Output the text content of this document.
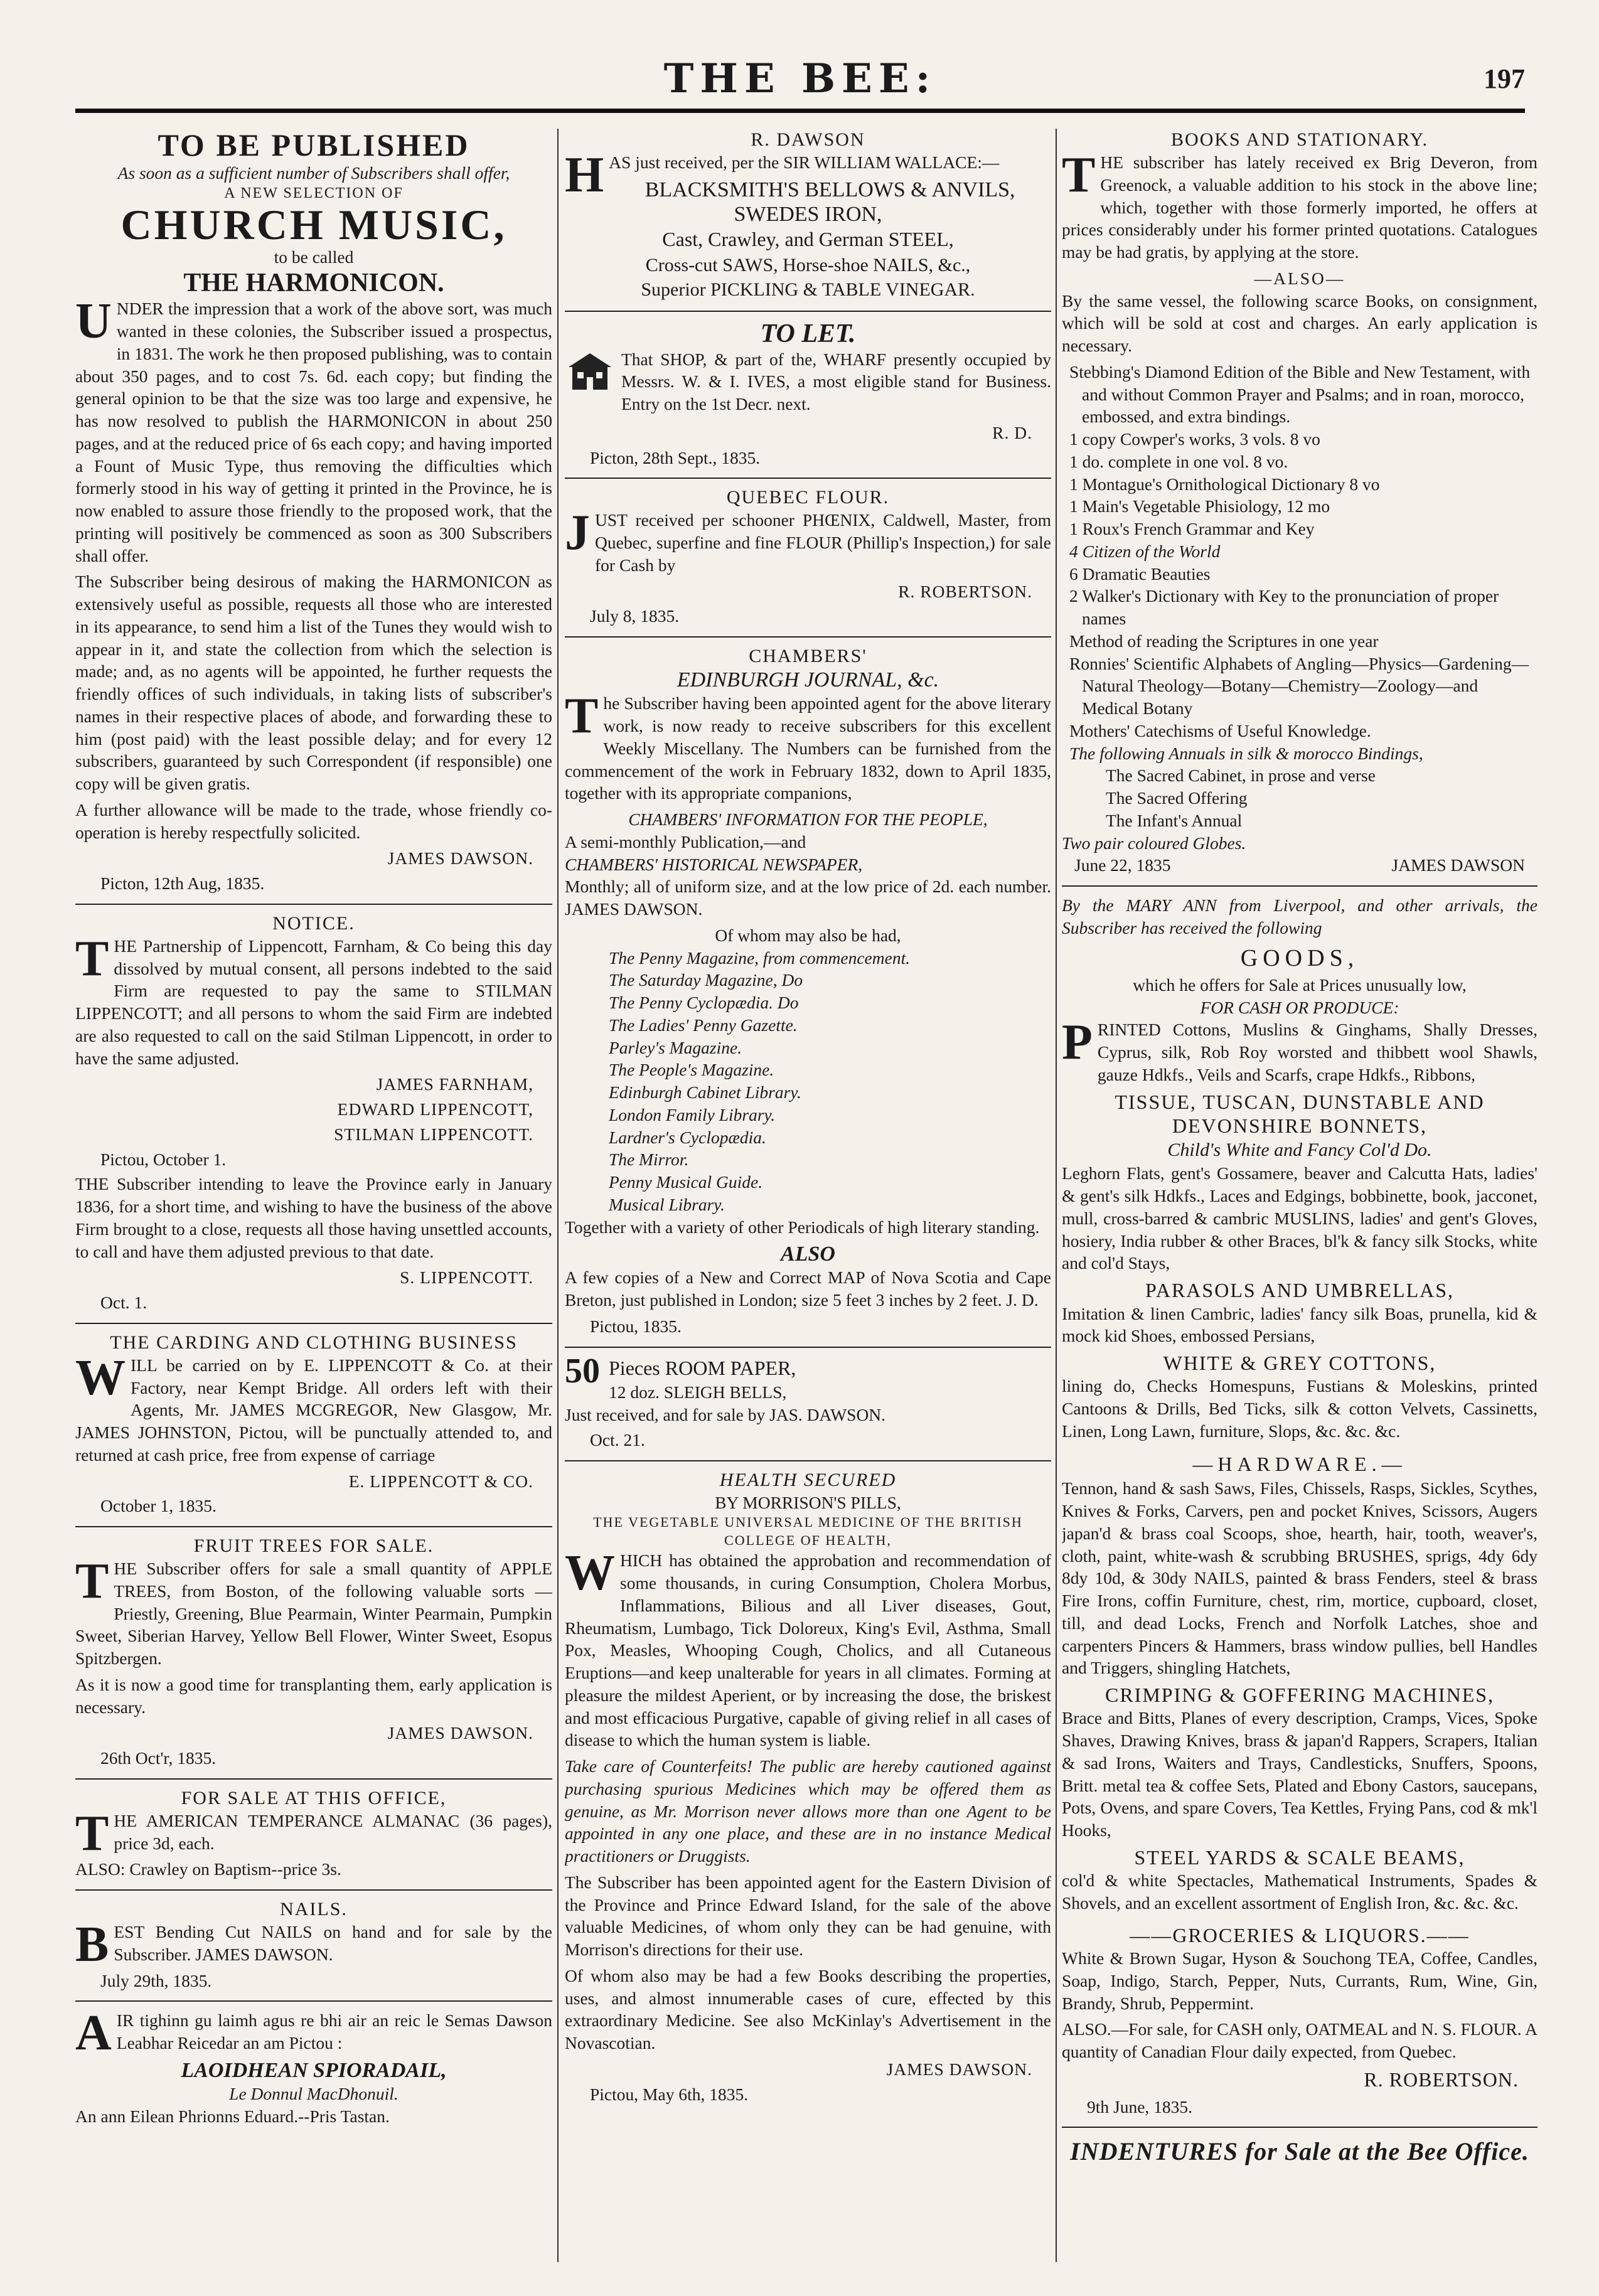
THE BEE:	197
TO BE PUBLISHED
As soon as a sufficient number of Subscribers shall offer,
A NEW SELECTION OF
CHURCH MUSIC,
to be called
THE HARMONICON.

UNDER the impression that a work of the above sort, was much wanted in these colonies, the Subscriber issued a prospectus, in 1831. The work he then proposed publishing, was to contain about 350 pages, and to cost 7s. 6d. each copy; but finding the general opinion to be that the size was too large and expensive, he has now resolved to publish the HARMONICON in about 250 pages, and at the reduced price of 6s each copy; and having imported a Fount of Music Type, thus removing the difficulties which formerly stood in his way of getting it printed in the Province, he is now enabled to assure those friendly to the proposed work, that the printing will positively be commenced as soon as 300 Subscribers shall offer.

The Subscriber being desirous of making the HARMONICON as extensively useful as possible, requests all those who are interested in its appearance, to send him a list of the Tunes they would wish to appear in it, and state the collection from which the selection is made; and, as no agents will be appointed, he further requests the friendly offices of such individuals, in taking lists of subscriber's names in their respective places of abode, and forwarding these to him (post paid) with the least possible delay; and for every 12 subscribers, guaranteed by such Correspondent (if responsible) one copy will be given gratis.

A further allowance will be made to the trade, whose friendly co-operation is hereby respectfully solicited.

JAMES DAWSON.
Picton, 12th Aug, 1835.
NOTICE.

THE Partnership of Lippencott, Farnham, & Co being this day dissolved by mutual consent, all persons indebted to the said Firm are requested to pay the same to STILMAN LIPPENCOTT; and all persons to whom the said Firm are indebted are also requested to call on the said Stilman Lippencott, in order to have the same adjusted.

JAMES FARNHAM,
EDWARD LIPPENCOTT,
STILMAN LIPPENCOTT.
Pictou, October 1.

THE Subscriber intending to leave the Province early in January 1836, for a short time, and wishing to have the business of the above Firm brought to a close, requests all those having unsettled accounts, to call and have them adjusted previous to that date.

S. LIPPENCOTT.
Oct. 1.
THE CARDING AND CLOTHING BUSINESS

WILL be carried on by E. LIPPENCOTT & Co. at their Factory, near Kempt Bridge. All orders left with their Agents, Mr. JAMES MCGREGOR, New Glasgow, Mr. JAMES JOHNSTON, Pictou, will be punctually attended to, and returned at cash price, free from expense of carriage

E. LIPPENCOTT & CO.
October 1, 1835.
FRUIT TREES FOR SALE.

THE Subscriber offers for sale a small quantity of APPLE TREES, from Boston, of the following valuable sorts — Priestly, Greening, Blue Pearmain, Winter Pearmain, Pumpkin Sweet, Siberian Harvey, Yellow Bell Flower, Winter Sweet, Esopus Spitzbergen.

As it is now a good time for transplanting them, early application is necessary.

JAMES DAWSON.
26th Oct'r, 1835.
FOR SALE AT THIS OFFICE,

THE AMERICAN TEMPERANCE ALMANAC (36 pages), price 3d, each.

ALSO: Crawley on Baptism--price 3s.

NAILS.

BEST Bending Cut NAILS on hand and for sale by the Subscriber. JAMES DAWSON.

July 29th, 1835.

AIR tighinn gu laimh agus re bhi air an reic le Semas Dawson Leabhar Reicedar an am Pictou :

LAOIDHEAN SPIORADAIL,
Le Donnul MacDhonuil.
An ann Eilean Phrionns Eduard.--Pris Tastan.
R. DAWSON

HAS just received, per the SIR WILLIAM WALLACE:—

BLACKSMITH'S BELLOWS & ANVILS,
SWEDES IRON,
Cast, Crawley, and German STEEL,
Cross-cut SAWS, Horse-shoe NAILS, &c.,
Superior PICKLING & TABLE VINEGAR.
TO LET.

That SHOP, & part of the, WHARF presently occupied by Messrs. W. & I. IVES, a most eligible stand for Business. Entry on the 1st Decr. next.

R. D.
Picton, 28th Sept., 1835.
QUEBEC FLOUR.

JUST received per schooner PHŒNIX, Caldwell, Master, from Quebec, superfine and fine FLOUR (Phillip's Inspection,) for sale for Cash by

R. ROBERTSON.
July 8, 1835.
CHAMBERS'
EDINBURGH JOURNAL, &c.

The Subscriber having been appointed agent for the above literary work, is now ready to receive subscribers for this excellent Weekly Miscellany. The Numbers can be furnished from the commencement of the work in February 1832, down to April 1835, together with its appropriate companions,

CHAMBERS' INFORMATION FOR THE PEOPLE,
A semi-monthly Publication,—and
CHAMBERS' HISTORICAL NEWSPAPER,

Monthly; all of uniform size, and at the low price of 2d. each number. JAMES DAWSON.

Of whom may also be had,
The Penny Magazine, from commencement.
The Saturday Magazine, Do
The Penny Cyclopædia. Do
The Ladies' Penny Gazette.
Parley's Magazine.
The People's Magazine.
Edinburgh Cabinet Library.
London Family Library.
Lardner's Cyclopædia.
The Mirror.
Penny Musical Guide.
Musical Library.

Together with a variety of other Periodicals of high literary standing.

ALSO

A few copies of a New and Correct MAP of Nova Scotia and Cape Breton, just published in London; size 5 feet 3 inches by 2 feet. J. D.

Pictou, 1835.
50 Pieces ROOM PAPER,
12 doz. SLEIGH BELLS,
Just received, and for sale by JAS. DAWSON.
Oct. 21.
HEALTH SECURED
BY MORRISON'S PILLS,
THE VEGETABLE UNIVERSAL MEDICINE OF THE BRITISH COLLEGE OF HEALTH,

WHICH has obtained the approbation and recommendation of some thousands, in curing Consumption, Cholera Morbus, Inflammations, Bilious and all Liver diseases, Gout, Rheumatism, Lumbago, Tick Doloreux, King's Evil, Asthma, Small Pox, Measles, Whooping Cough, Cholics, and all Cutaneous Eruptions—and keep unalterable for years in all climates. Forming at pleasure the mildest Aperient, or by increasing the dose, the briskest and most efficacious Purgative, capable of giving relief in all cases of disease to which the human system is liable.

Take care of Counterfeits! The public are hereby cautioned against purchasing spurious Medicines which may be offered them as genuine, as Mr. Morrison never allows more than one Agent to be appointed in any one place, and these are in no instance Medical practitioners or Druggists.

The Subscriber has been appointed agent for the Eastern Division of the Province and Prince Edward Island, for the sale of the above valuable Medicines, of whom only they can be had genuine, with Morrison's directions for their use.

Of whom also may be had a few Books describing the properties, uses, and almost innumerable cases of cure, effected by this extraordinary Medicine. See also McKinlay's Advertisement in the Novascotian.

JAMES DAWSON.
Pictou, May 6th, 1835.
BOOKS AND STATIONARY.

THE subscriber has lately received ex Brig Deveron, from Greenock, a valuable addition to his stock in the above line; which, together with those formerly imported, he offers at prices considerably under his former printed quotations. Catalogues may be had gratis, by applying at the store.

—ALSO—

By the same vessel, the following scarce Books, on consignment, which will be sold at cost and charges. An early application is necessary.

Stebbing's Diamond Edition of the Bible and New Testament, with and without Common Prayer and Psalms; and in roan, morocco, embossed, and extra bindings.
1 copy Cowper's works, 3 vols. 8 vo
1 do. complete in one vol. 8 vo.
1 Montague's Ornithological Dictionary 8 vo
1 Main's Vegetable Phisiology, 12 mo
1 Roux's French Grammar and Key
4 Citizen of the World
6 Dramatic Beauties
2 Walker's Dictionary with Key to the pronunciation of proper names
Method of reading the Scriptures in one year
Ronnies' Scientific Alphabets of Angling—Physics—Gardening—Natural Theology—Botany—Chemistry—Zoology—and Medical Botany
Mothers' Catechisms of Useful Knowledge.
The following Annuals in silk & morocco Bindings,
The Sacred Cabinet, in prose and verse
The Sacred Offering
The Infant's Annual
Two pair coloured Globes.
June 22, 1835	JAMES DAWSON

By the MARY ANN from Liverpool, and other arrivals, the Subscriber has received the following

GOODS,
which he offers for Sale at Prices unusually low,
FOR CASH OR PRODUCE:

PRINTED Cottons, Muslins & Ginghams, Shally Dresses, Cyprus, silk, Rob Roy worsted and thibbett wool Shawls, gauze Hdkfs., Veils and Scarfs, crape Hdkfs., Ribbons,

TISSUE, TUSCAN, DUNSTABLE AND DEVONSHIRE BONNETS,
Child's White and Fancy Col'd Do.

Leghorn Flats, gent's Gossamere, beaver and Calcutta Hats, ladies' & gent's silk Hdkfs., Laces and Edgings, bobbinette, book, jacconet, mull, cross-barred & cambric MUSLINS, ladies' and gent's Gloves, hosiery, India rubber & other Braces, bl'k & fancy silk Stocks, white and col'd Stays,

PARASOLS AND UMBRELLAS,

Imitation & linen Cambric, ladies' fancy silk Boas, prunella, kid & mock kid Shoes, embossed Persians,

WHITE & GREY COTTONS,

lining do, Checks Homespuns, Fustians & Moleskins, printed Cantoons & Drills, Bed Ticks, silk & cotton Velvets, Cassinetts, Linen, Long Lawn, furniture, Slops, &c. &c. &c.

—HARDWARE.—

Tennon, hand & sash Saws, Files, Chissels, Rasps, Sickles, Scythes, Knives & Forks, Carvers, pen and pocket Knives, Scissors, Augers japan'd & brass coal Scoops, shoe, hearth, hair, tooth, weaver's, cloth, paint, white-wash & scrubbing BRUSHES, sprigs, 4dy 6dy 8dy 10d, & 30dy NAILS, painted & brass Fenders, steel & brass Fire Irons, coffin Furniture, chest, rim, mortice, cupboard, closet, till, and dead Locks, French and Norfolk Latches, shoe and carpenters Pincers & Hammers, brass window pullies, bell Handles and Triggers, shingling Hatchets,

CRIMPING & GOFFERING MACHINES,

Brace and Bitts, Planes of every description, Cramps, Vices, Spoke Shaves, Drawing Knives, brass & japan'd Rappers, Scrapers, Italian & sad Irons, Waiters and Trays, Candlesticks, Snuffers, Spoons, Britt. metal tea & coffee Sets, Plated and Ebony Castors, saucepans, Pots, Ovens, and spare Covers, Tea Kettles, Frying Pans, cod & mk'l Hooks,

STEEL YARDS & SCALE BEAMS,

col'd & white Spectacles, Mathematical Instruments, Spades & Shovels, and an excellent assortment of English Iron, &c. &c. &c.

——GROCERIES & LIQUORS.——

White & Brown Sugar, Hyson & Souchong TEA, Coffee, Candles, Soap, Indigo, Starch, Pepper, Nuts, Currants, Rum, Wine, Gin, Brandy, Shrub, Peppermint.

ALSO.—For sale, for CASH only, OATMEAL and N. S. FLOUR. A quantity of Canadian Flour daily expected, from Quebec.

R. ROBERTSON.
9th June, 1835.
INDENTURES for Sale at the Bee Office.
